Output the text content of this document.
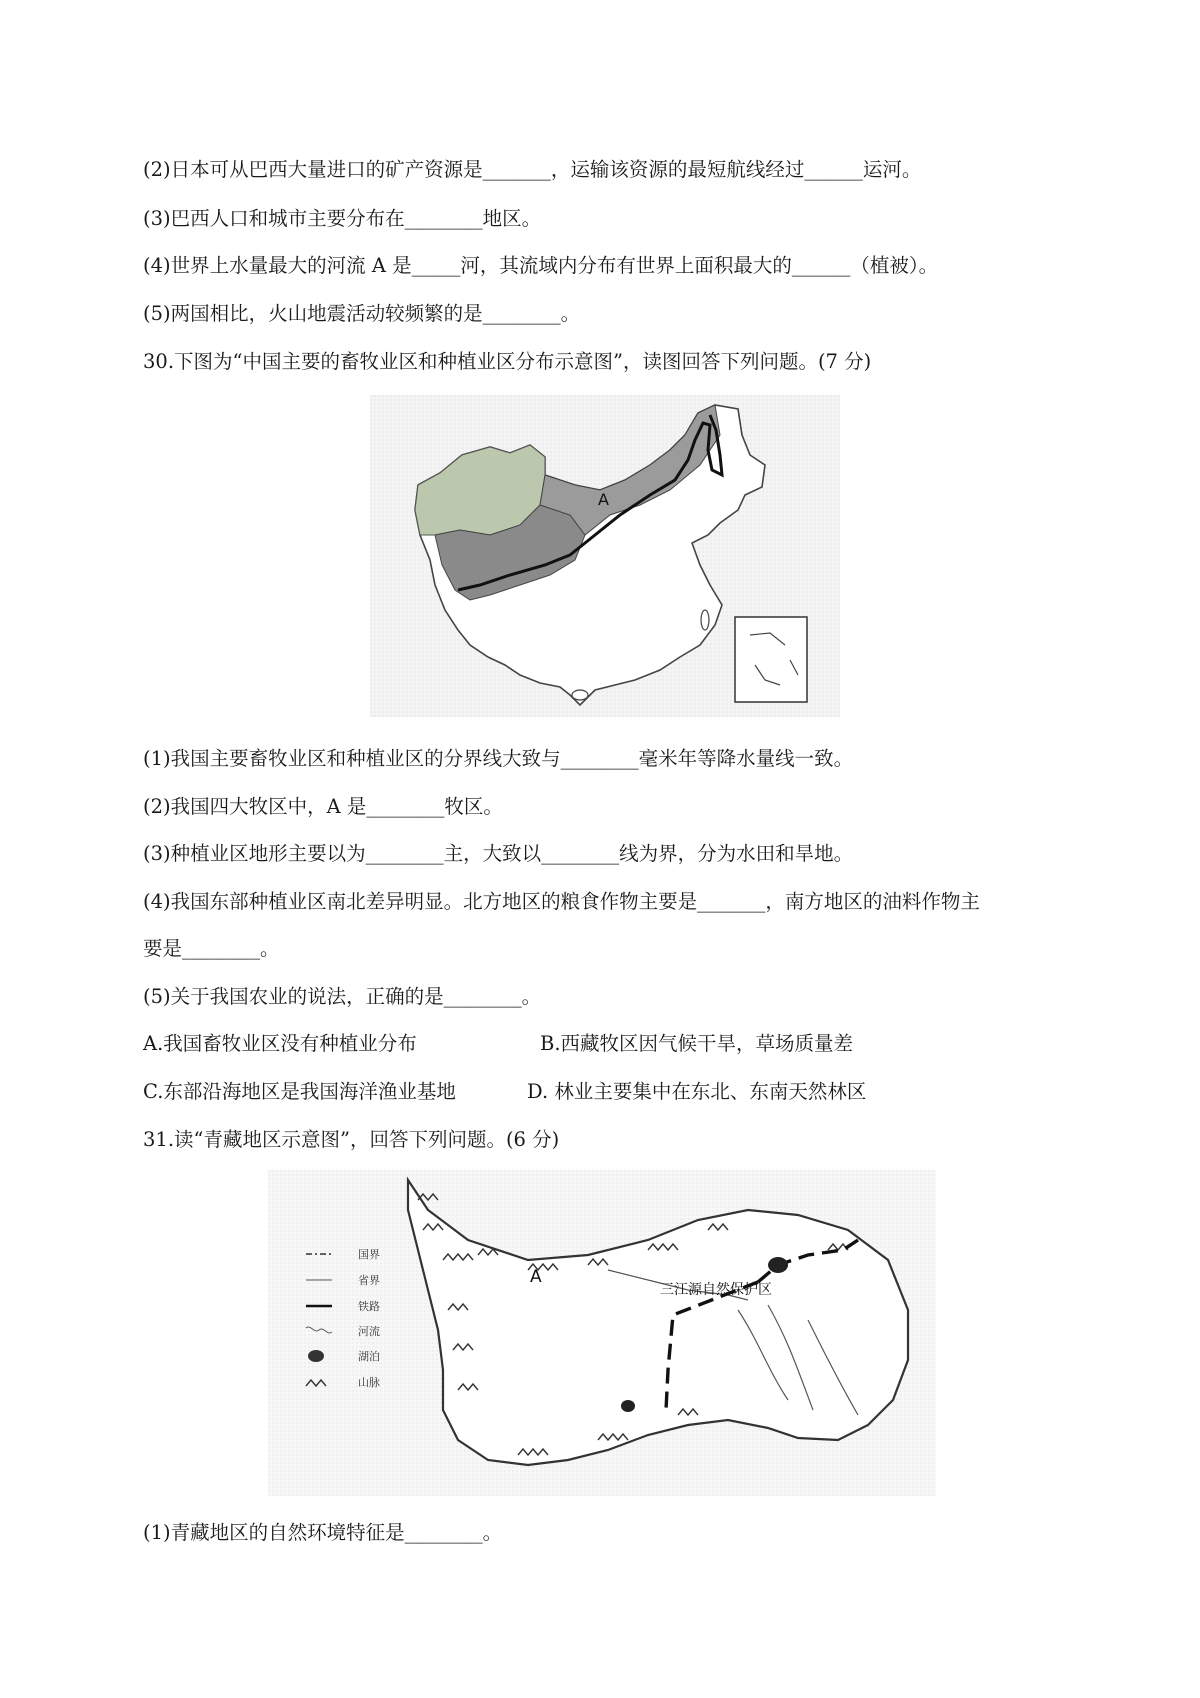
(2)日本可从巴西大量进口的矿产资源是_______，运输该资源的最短航线经过______运河。
(3)巴西人口和城市主要分布在________地区。
(4)世界上水量最大的河流 A 是_____河，其流域内分布有世界上面积最大的______（植被）。
(5)两国相比，火山地震活动较频繁的是________。
30.下图为“中国主要的畜牧业区和种植业区分布示意图”，读图回答下列问题。(7 分)
A
(1)我国主要畜牧业区和种植业区的分界线大致与________毫米年等降水量线一致。
(2)我国四大牧区中，A 是________牧区。
(3)种植业区地形主要以为________主，大致以________线为界，分为水田和旱地。
(4)我国东部种植业区南北差异明显。北方地区的粮食作物主要是_______，南方地区的油料作物主
要是________。
(5)关于我国农业的说法，正确的是________。
A.我国畜牧业区没有种植业分布	B.西藏牧区因气候干旱，草场质量差
C.东部沿海地区是我国海洋渔业基地	D. 林业主要集中在东北、东南天然林区
31.读“青藏地区示意图”，回答下列问题。(6 分)
三江源自然保护区
A
国界
省界
铁路
河流
湖泊
山脉
(1)青藏地区的自然环境特征是________。
